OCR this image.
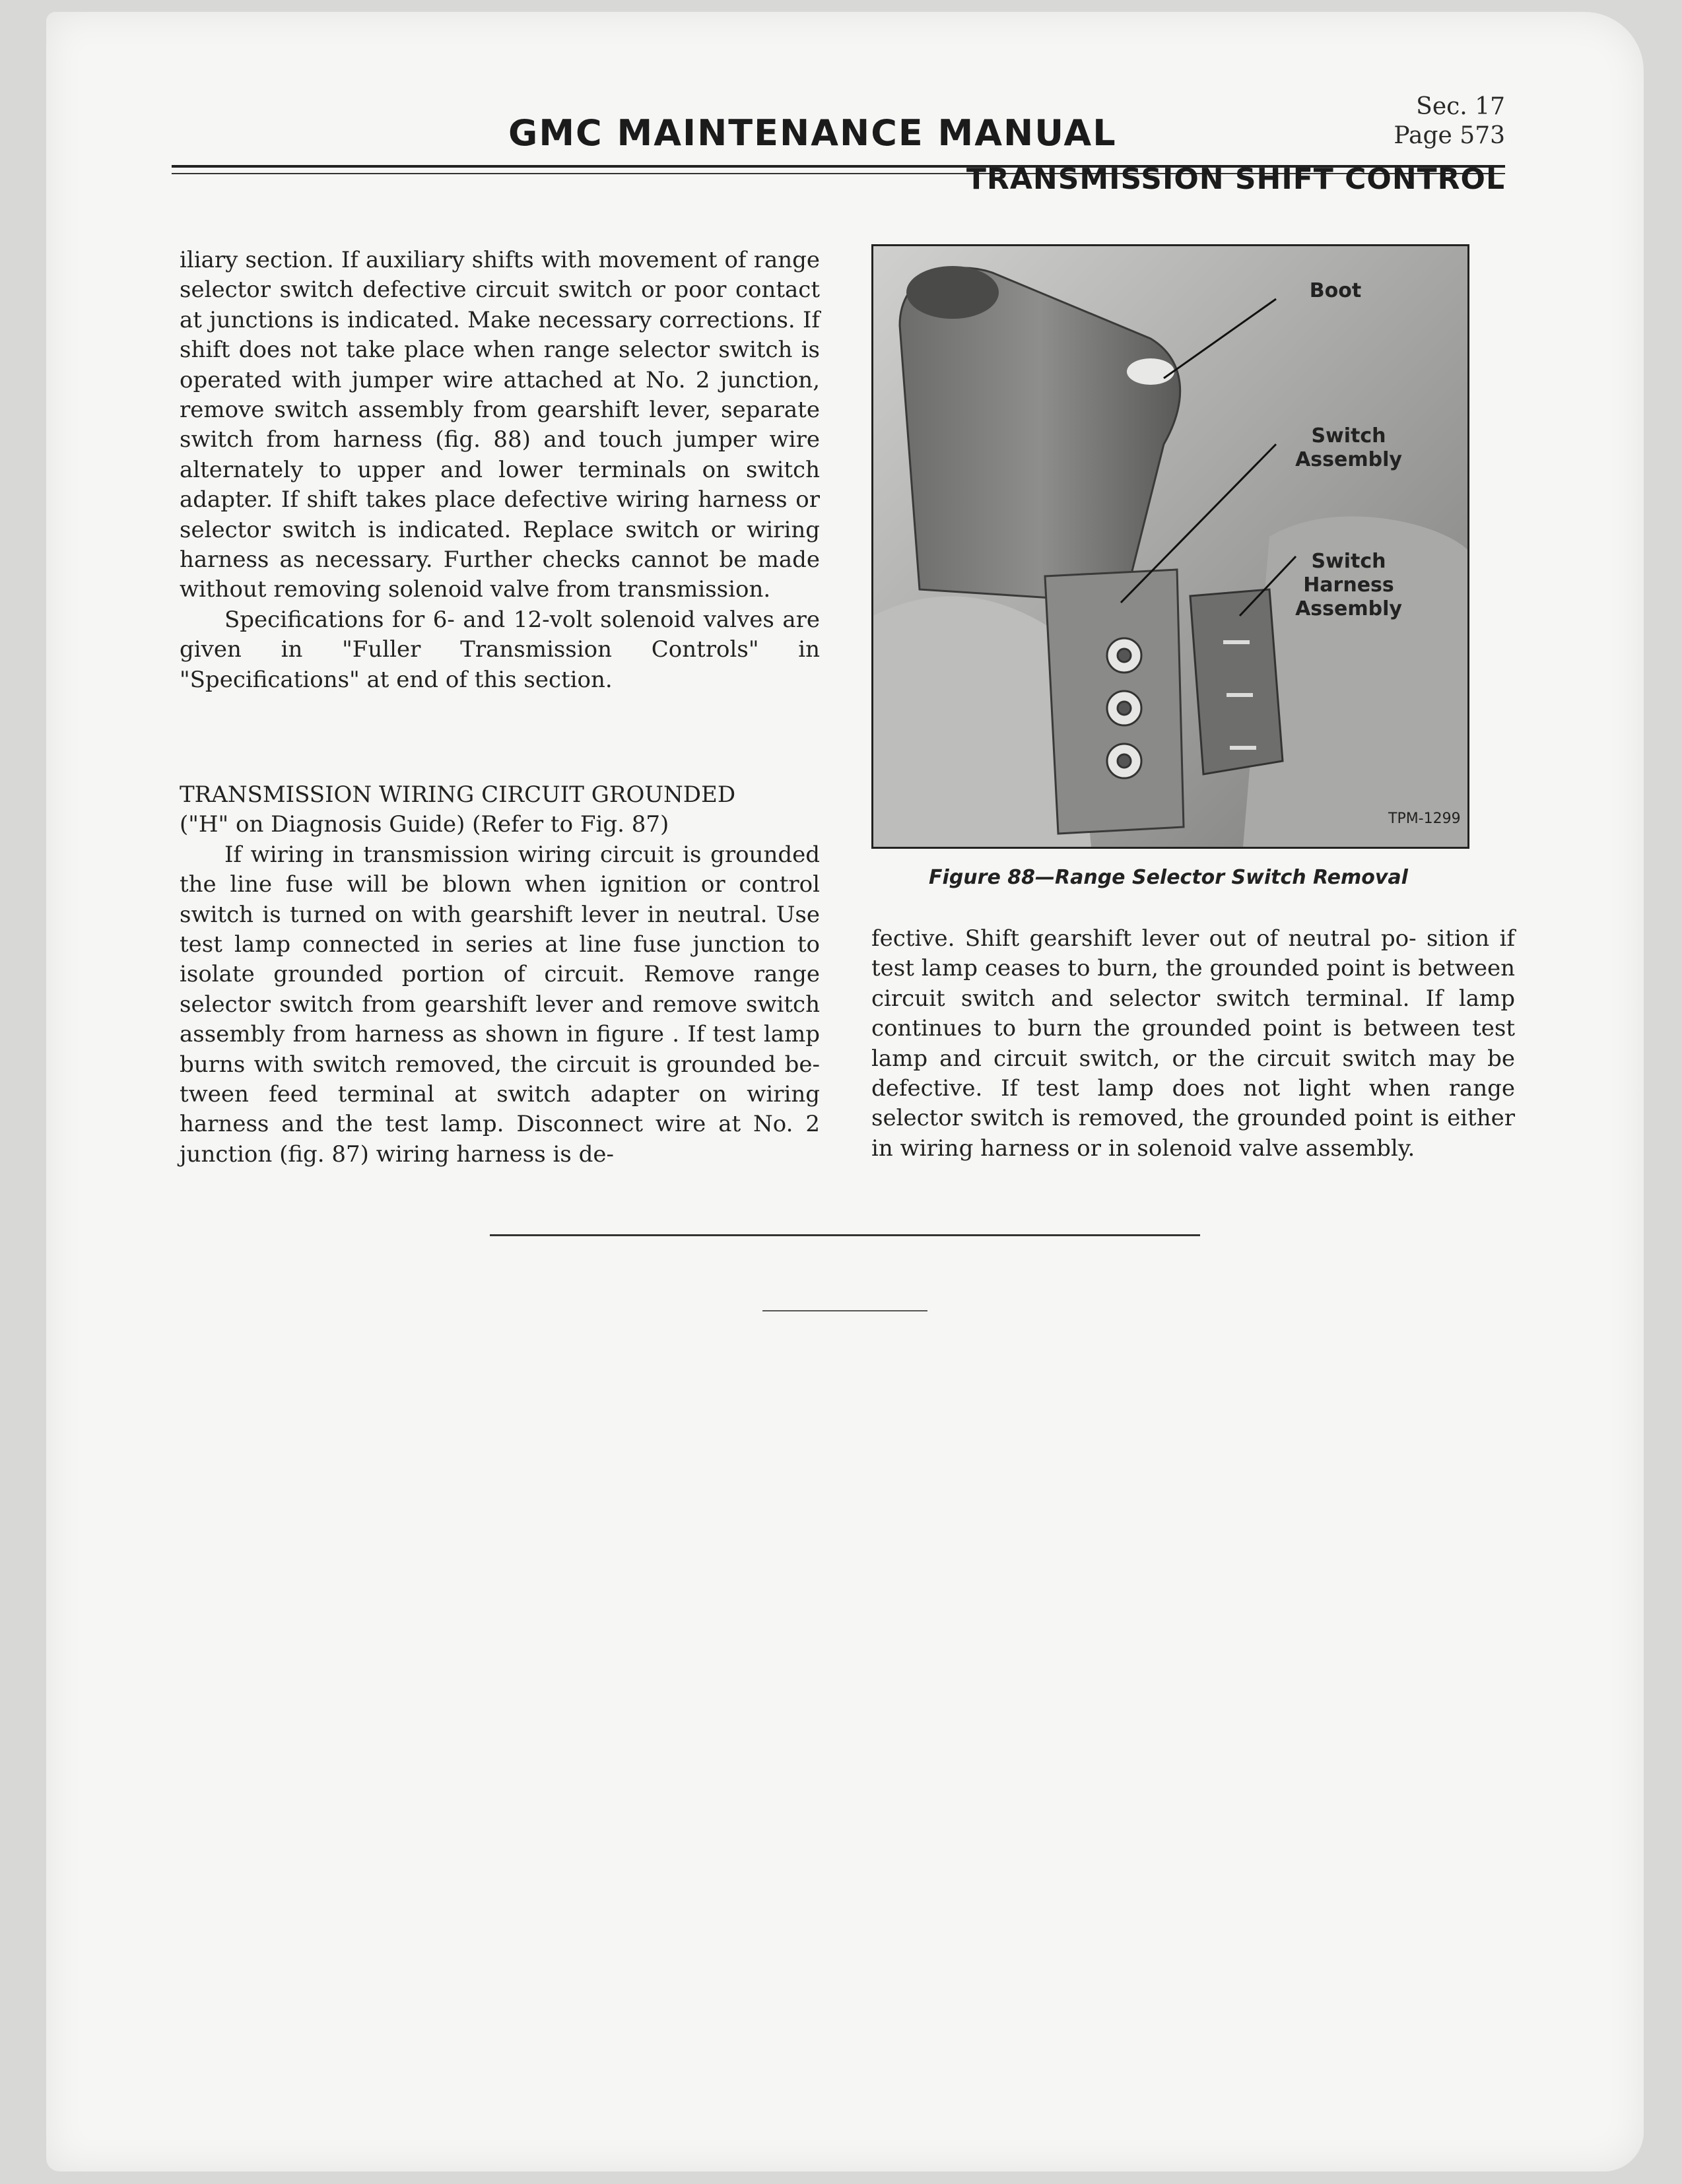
Sec. 17
Page 573
GMC MAINTENANCE MANUAL
TRANSMISSION SHIFT CONTROL

iliary section. If auxiliary shifts with movement of range selector switch defective circuit switch or poor contact at junctions is indicated. Make necessary corrections. If shift does not take place when range selector switch is operated with jumper wire attached at No. 2 junction, remove switch assembly from gearshift lever, separate switch from harness (fig. 88) and touch jumper wire alternately to upper and lower terminals on switch adapter. If shift takes place defective wiring harness or selector switch is indicated. Replace switch or wiring harness as necessary. Further checks cannot be made without removing solenoid valve from transmission.

Specifications for 6- and 12-volt solenoid valves are given in "Fuller Transmission Controls" in "Specifications" at end of this section.

TRANSMISSION WIRING CIRCUIT GROUNDED

("H" on Diagnosis Guide) (Refer to Fig. 87)

If wiring in transmission wiring circuit is grounded the line fuse will be blown when ignition or control switch is turned on with gearshift lever in neutral. Use test lamp connected in series at line fuse junction to isolate grounded portion of circuit. Remove range selector switch from gearshift lever and remove switch assembly from harness as shown in figure . If test lamp burns with switch removed, the circuit is grounded be- tween feed terminal at switch adapter on wiring harness and the test lamp. Disconnect wire at No. 2 junction (fig. 87) wiring harness is de-

Boot
Switch
Assembly
Switch
Harness
Assembly
TPM-1299
Figure 88—Range Selector Switch Removal

fective. Shift gearshift lever out of neutral po- sition if test lamp ceases to burn, the grounded point is between circuit switch and selector switch terminal. If lamp continues to burn the grounded point is between test lamp and circuit switch, or the circuit switch may be defective. If test lamp does not light when range selector switch is removed, the grounded point is either in wiring harness or in solenoid valve assembly.
